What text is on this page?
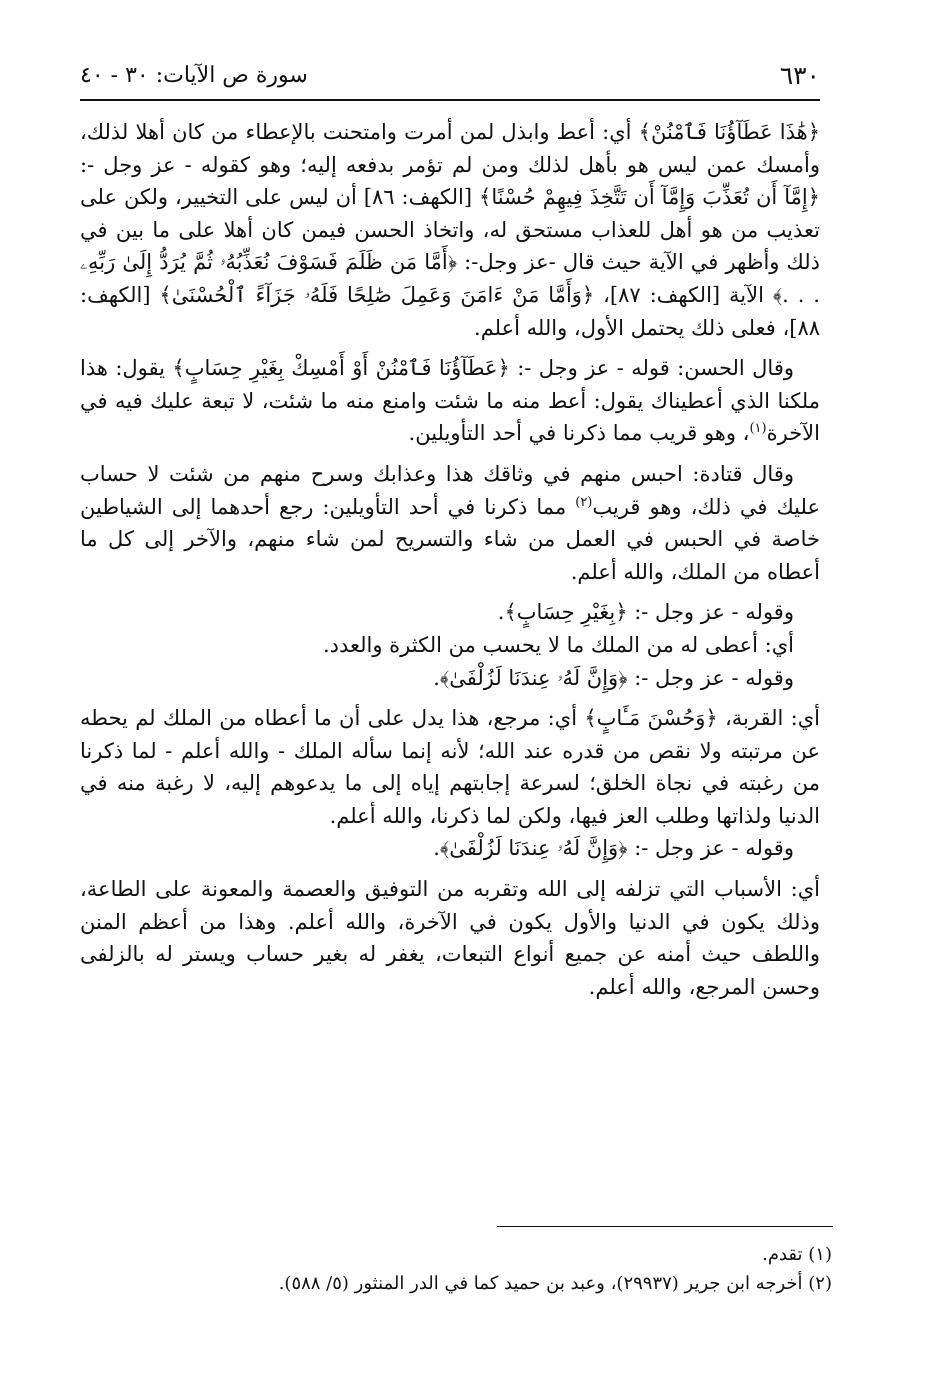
٦٣٠
سورة ص الآيات: ٣٠ - ٤٠

﴿هَٰذَا عَطَآؤُنَا فَٱمْنُنْ﴾ أي: أعط وابذل لمن أمرت وامتحنت بالإعطاء من كان أهلا لذلك، وأمسك عمن ليس هو بأهل لذلك ومن لم تؤمر بدفعه إليه؛ وهو كقوله - عز وجل -: ﴿إِمَّآ أَن تُعَذِّبَ وَإِمَّآ أَن تَتَّخِذَ فِيهِمْ حُسْنًا﴾ [الكهف: ٨٦] أن ليس على التخيير، ولكن على تعذيب من هو أهل للعذاب مستحق له، واتخاذ الحسن فيمن كان أهلا على ما بين في ذلك وأظهر في الآية حيث قال -عز وجل-: ﴿أَمَّا مَن ظَلَمَ فَسَوْفَ نُعَذِّبُهُۥ ثُمَّ يُرَدُّ إِلَىٰ رَبِّهِۦ . . .﴾ الآية [الكهف: ٨٧]، ﴿وَأَمَّا مَنْ ءَامَنَ وَعَمِلَ صَٰلِحًا فَلَهُۥ جَزَآءً ٱلْحُسْنَىٰ﴾ [الكهف: ٨٨]، فعلى ذلك يحتمل الأول، والله أعلم.

وقال الحسن: قوله - عز وجل -: ﴿عَطَآؤُنَا فَٱمْنُنْ أَوْ أَمْسِكْ بِغَيْرِ حِسَابٍ﴾ يقول: هذا ملكنا الذي أعطيناك يقول: أعط منه ما شئت وامنع منه ما شئت، لا تبعة عليك فيه في الآخرة$^{(١)}$، وهو قريب مما ذكرنا في أحد التأويلين.

وقال قتادة: احبس منهم في وثاقك هذا وعذابك وسرح منهم من شئت لا حساب عليك في ذلك، وهو قريب$^{(٢)}$ مما ذكرنا في أحد التأويلين: رجع أحدهما إلى الشياطين خاصة في الحبس في العمل من شاء والتسريح لمن شاء منهم، والآخر إلى كل ما أعطاه من الملك، والله أعلم.

وقوله - عز وجل -: ﴿بِغَيْرِ حِسَابٍ﴾.

أي: أعطى له من الملك ما لا يحسب من الكثرة والعدد.

وقوله - عز وجل -: ﴿وَإِنَّ لَهُۥ عِندَنَا لَزُلْفَىٰ﴾.

أي: القربة، ﴿وَحُسْنَ مَـَٔابٍ﴾ أي: مرجع، هذا يدل على أن ما أعطاه من الملك لم يحطه عن مرتبته ولا نقص من قدره عند الله؛ لأنه إنما سأله الملك - والله أعلم - لما ذكرنا من رغبته في نجاة الخلق؛ لسرعة إجابتهم إياه إلى ما يدعوهم إليه، لا رغبة منه في الدنيا ولذاتها وطلب العز فيها، ولكن لما ذكرنا، والله أعلم.

وقوله - عز وجل -: ﴿وَإِنَّ لَهُۥ عِندَنَا لَزُلْفَىٰ﴾.

أي: الأسباب التي تزلفه إلى الله وتقربه من التوفيق والعصمة والمعونة على الطاعة، وذلك يكون في الدنيا والأول يكون في الآخرة، والله أعلم. وهذا من أعظم المنن واللطف حيث أمنه عن جميع أنواع التبعات، يغفر له بغير حساب ويستر له بالزلفى وحسن المرجع، والله أعلم.

(١) تقدم.
(٢) أخرجه ابن جرير (٢٩٩٣٧)، وعبد بن حميد كما في الدر المنثور (٥/ ٥٨٨).
